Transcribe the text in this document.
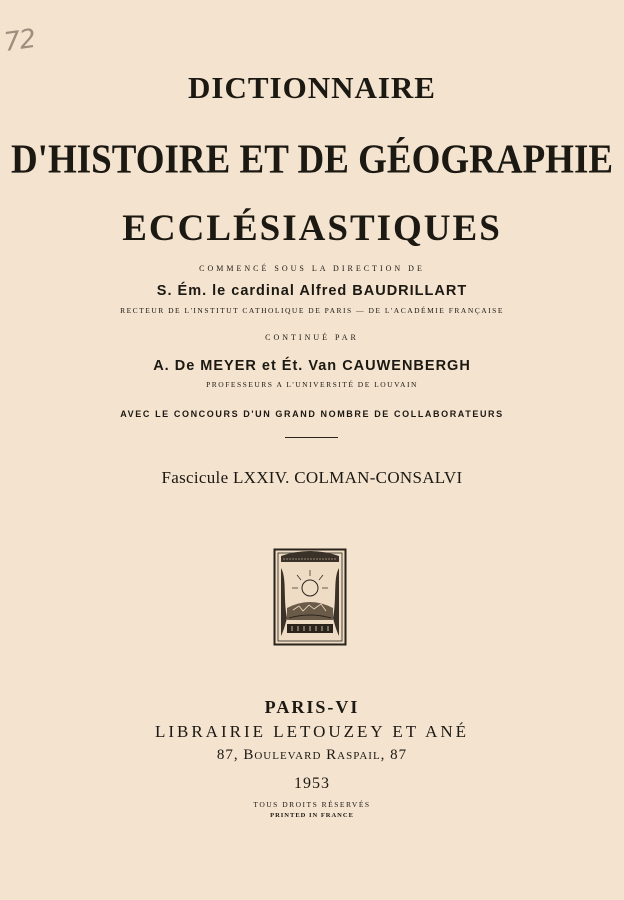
72
DICTIONNAIRE
D'HISTOIRE ET DE GÉOGRAPHIE
ECCLÉSIASTIQUES
COMMENCÉ SOUS LA DIRECTION DE
S. Ém. le cardinal Alfred BAUDRILLART
RECTEUR DE L'INSTITUT CATHOLIQUE DE PARIS — DE L'ACADÉMIE FRANÇAISE
CONTINUÉ PAR
A. De MEYER et Ét. Van CAUWENBERGH
PROFESSEURS A L'UNIVERSITÉ DE LOUVAIN
AVEC LE CONCOURS D'UN GRAND NOMBRE DE COLLABORATEURS
Fascicule LXXIV. COLMAN-CONSALVI
PARIS-VI
LIBRAIRIE LETOUZEY ET ANÉ
87, Boulevard Raspail, 87
1953
TOUS DROITS RÉSERVÉS
PRINTED IN FRANCE
